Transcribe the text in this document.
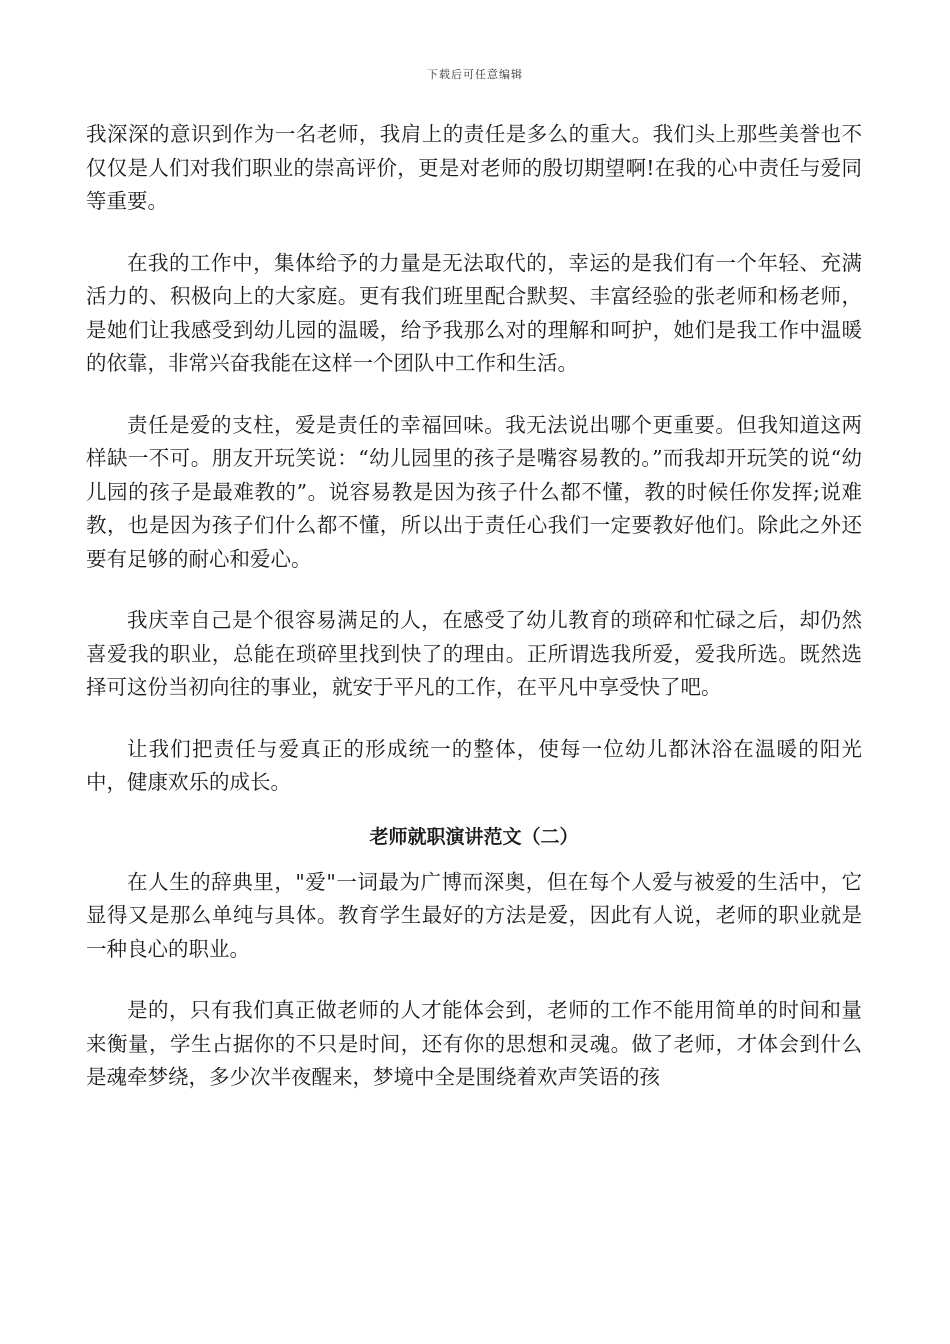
下载后可任意编辑

我深深的意识到作为一名老师，我肩上的责任是多么的重大。我们头上那些美誉也不仅仅是人们对我们职业的崇高评价，更是对老师的殷切期望啊!在我的心中责任与爱同等重要。

在我的工作中，集体给予的力量是无法取代的，幸运的是我们有一个年轻、充满活力的、积极向上的大家庭。更有我们班里配合默契、丰富经验的张老师和杨老师，是她们让我感受到幼儿园的温暖，给予我那么对的理解和呵护，她们是我工作中温暖的依靠，非常兴奋我能在这样一个团队中工作和生活。

责任是爱的支柱，爱是责任的幸福回味。我无法说出哪个更重要。但我知道这两样缺一不可。朋友开玩笑说：“幼儿园里的孩子是嘴容易教的。”而我却开玩笑的说“幼儿园的孩子是最难教的”。说容易教是因为孩子什么都不懂，教的时候任你发挥;说难教，也是因为孩子们什么都不懂，所以出于责任心我们一定要教好他们。除此之外还要有足够的耐心和爱心。

我庆幸自己是个很容易满足的人，在感受了幼儿教育的琐碎和忙碌之后，却仍然喜爱我的职业，总能在琐碎里找到快了的理由。正所谓选我所爱，爱我所选。既然选择可这份当初向往的事业，就安于平凡的工作，在平凡中享受快了吧。

让我们把责任与爱真正的形成统一的整体，使每一位幼儿都沐浴在温暖的阳光中，健康欢乐的成长。

老师就职演讲范文（二）

在人生的辞典里，"爱"一词最为广博而深奥，但在每个人爱与被爱的生活中，它显得又是那么单纯与具体。教育学生最好的方法是爱，因此有人说，老师的职业就是一种良心的职业。

是的，只有我们真正做老师的人才能体会到，老师的工作不能用简单的时间和量来衡量，学生占据你的不只是时间，还有你的思想和灵魂。做了老师，才体会到什么是魂牵梦绕，多少次半夜醒来，梦境中全是围绕着欢声笑语的孩
